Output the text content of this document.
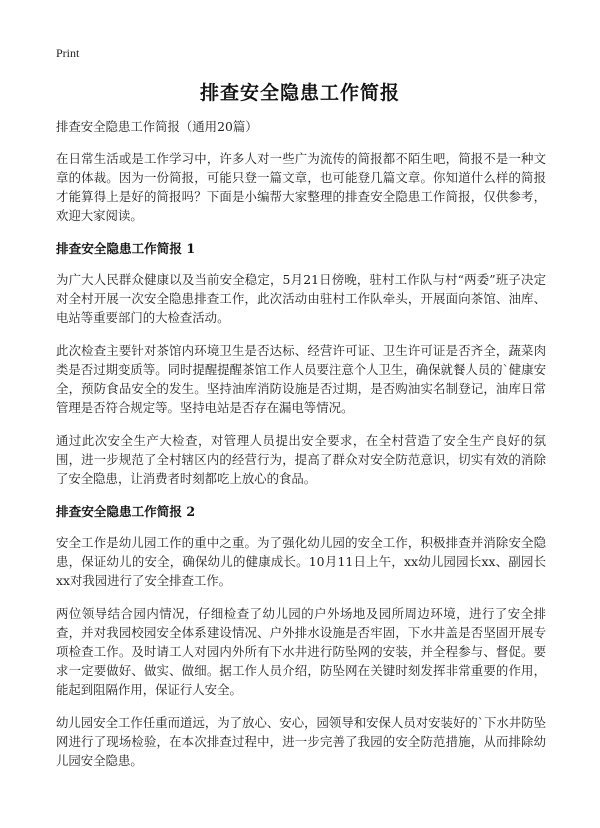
Print
排查安全隐患工作简报

排查安全隐患工作简报（通用20篇）

在日常生活或是工作学习中，许多人对一些广为流传的简报都不陌生吧，简报不是一种文章的体裁。因为一份简报，可能只登一篇文章，也可能登几篇文章。你知道什么样的简报才能算得上是好的简报吗？下面是小编帮大家整理的排查安全隐患工作简报，仅供参考，欢迎大家阅读。

排查安全隐患工作简报 1

为广大人民群众健康以及当前安全稳定，5月21日傍晚，驻村工作队与村“两委”班子决定对全村开展一次安全隐患排查工作，此次活动由驻村工作队牵头，开展面向茶馆、油库、电站等重要部门的大检查活动。

此次检查主要针对茶馆内环境卫生是否达标、经营许可证、卫生许可证是否齐全，蔬菜肉类是否过期变质等。同时提醒提醒茶馆工作人员要注意个人卫生，确保就餐人员的`健康安全，预防食品安全的发生。坚持油库消防设施是否过期，是否购油实名制登记，油库日常管理是否符合规定等。坚持电站是否存在漏电等情况。

通过此次安全生产大检查，对管理人员提出安全要求，在全村营造了安全生产良好的氛围，进一步规范了全村辖区内的经营行为，提高了群众对安全防范意识，切实有效的消除了安全隐患，让消费者时刻都吃上放心的食品。

排查安全隐患工作简报 2

安全工作是幼儿园工作的重中之重。为了强化幼儿园的安全工作，积极排查并消除安全隐患，保证幼儿的安全，确保幼儿的健康成长。10月11日上午，xx幼儿园园长xx、副园长xx对我园进行了安全排查工作。

两位领导结合园内情况，仔细检查了幼儿园的户外场地及园所周边环境，进行了安全排查，并对我园校园安全体系建设情况、户外排水设施是否牢固，下水井盖是否坚固开展专项检查工作。及时请工人对园内外所有下水井进行防坠网的安装，并全程参与、督促。要求一定要做好、做实、做细。据工作人员介绍，防坠网在关键时刻发挥非常重要的作用，能起到阻隔作用，保证行人安全。

幼儿园安全工作任重而道远，为了放心、安心，园领导和安保人员对安装好的`下水井防坠网进行了现场检验，在本次排查过程中，进一步完善了我园的安全防范措施，从而排除幼儿园安全隐患。
